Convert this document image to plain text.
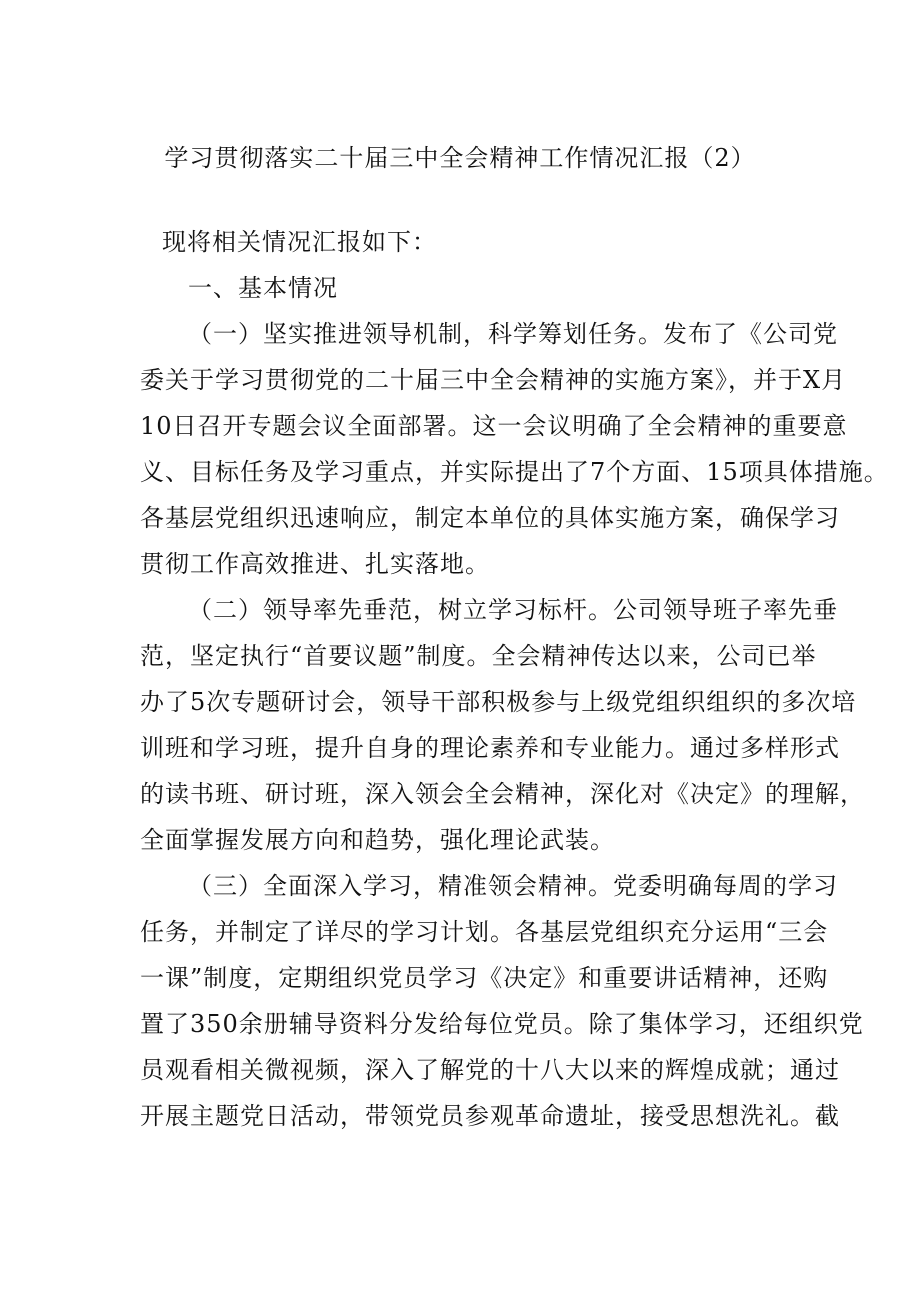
学习贯彻落实二十届三中全会精神工作情况汇报（2）
现将相关情况汇报如下：
一、基本情况
（一）坚实推进领导机制，科学筹划任务。发布了《公司党
委关于学习贯彻党的二十届三中全会精神的实施方案》，并于X月
10日召开专题会议全面部署。这一会议明确了全会精神的重要意
义、目标任务及学习重点，并实际提出了7个方面、15项具体措施。
各基层党组织迅速响应，制定本单位的具体实施方案，确保学习
贯彻工作高效推进、扎实落地。
（二）领导率先垂范，树立学习标杆。公司领导班子率先垂
范，坚定执行“首要议题”制度。全会精神传达以来，公司已举
办了5次专题研讨会，领导干部积极参与上级党组织组织的多次培
训班和学习班，提升自身的理论素养和专业能力。通过多样形式
的读书班、研讨班，深入领会全会精神，深化对《决定》的理解，
全面掌握发展方向和趋势，强化理论武装。
（三）全面深入学习，精准领会精神。党委明确每周的学习
任务，并制定了详尽的学习计划。各基层党组织充分运用“三会
一课”制度，定期组织党员学习《决定》和重要讲话精神，还购
置了350余册辅导资料分发给每位党员。除了集体学习，还组织党
员观看相关微视频，深入了解党的十八大以来的辉煌成就；通过
开展主题党日活动，带领党员参观革命遗址，接受思想洗礼。截
